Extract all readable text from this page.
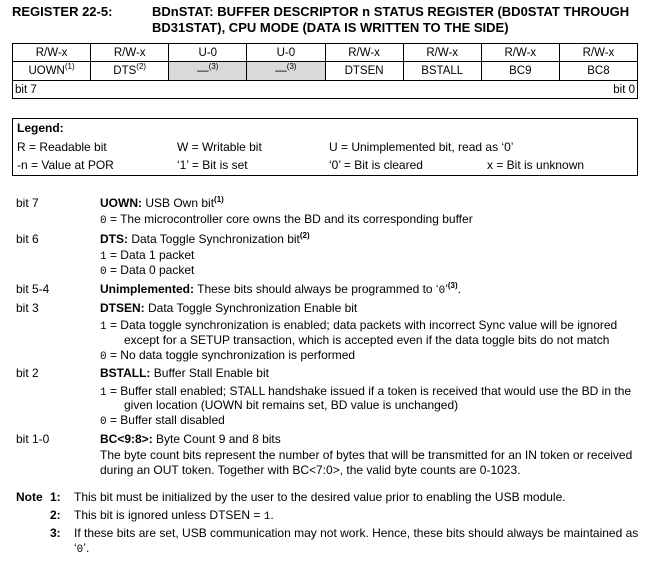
REGISTER 22-5:	BDnSTAT: BUFFER DESCRIPTOR n STATUS REGISTER (BD0STAT THROUGH
BD31STAT), CPU MODE (DATA IS WRITTEN TO THE SIDE)
R/W-x	R/W-x	U-0	U-0	R/W-x	R/W-x	R/W-x	R/W-x
UOWN$^{(1)}$	DTS$^{(2)}$	—$^{(3)}$	—$^{(3)}$	DTSEN	BSTALL	BC9	BC8
bit 7 bit 0							
Legend:
R = Readable bit	W = Writable bit	U = Unimplemented bit, read as ‘0’
-n = Value at POR	‘1’ = Bit is set	‘0’ = Bit is cleared	x = Bit is unknown
bit 7	UOWN: USB Own bit$^{(1)}$
0 = The microcontroller core owns the BD and its corresponding buffer
bit 6	DTS: Data Toggle Synchronization bit$^{(2)}$
1 = Data 1 packet
0 = Data 0 packet
bit 5-4	Unimplemented: These bits should always be programmed to ‘0’$^{(3)}$.
bit 3	DTSEN: Data Toggle Synchronization Enable bit
1 = Data toggle synchronization is enabled; data packets with incorrect Sync value will be ignored
except for a SETUP transaction, which is accepted even if the data toggle bits do not match
0 = No data toggle synchronization is performed
bit 2	BSTALL: Buffer Stall Enable bit
1 = Buffer stall enabled; STALL handshake issued if a token is received that would use the BD in the
given location (UOWN bit remains set, BD value is unchanged)
0 = Buffer stall disabled
bit 1-0	BC<9:8>: Byte Count 9 and 8 bits
The byte count bits represent the number of bytes that will be transmitted for an IN token or received
during an OUT token. Together with BC<7:0>, the valid byte counts are 0-1023.
Note 1: This bit must be initialized by the user to the desired value prior to enabling the USB module.
2: This bit is ignored unless DTSEN = 1.
3: If these bits are set, USB communication may not work. Hence, these bits should always be maintained as
‘0’.
